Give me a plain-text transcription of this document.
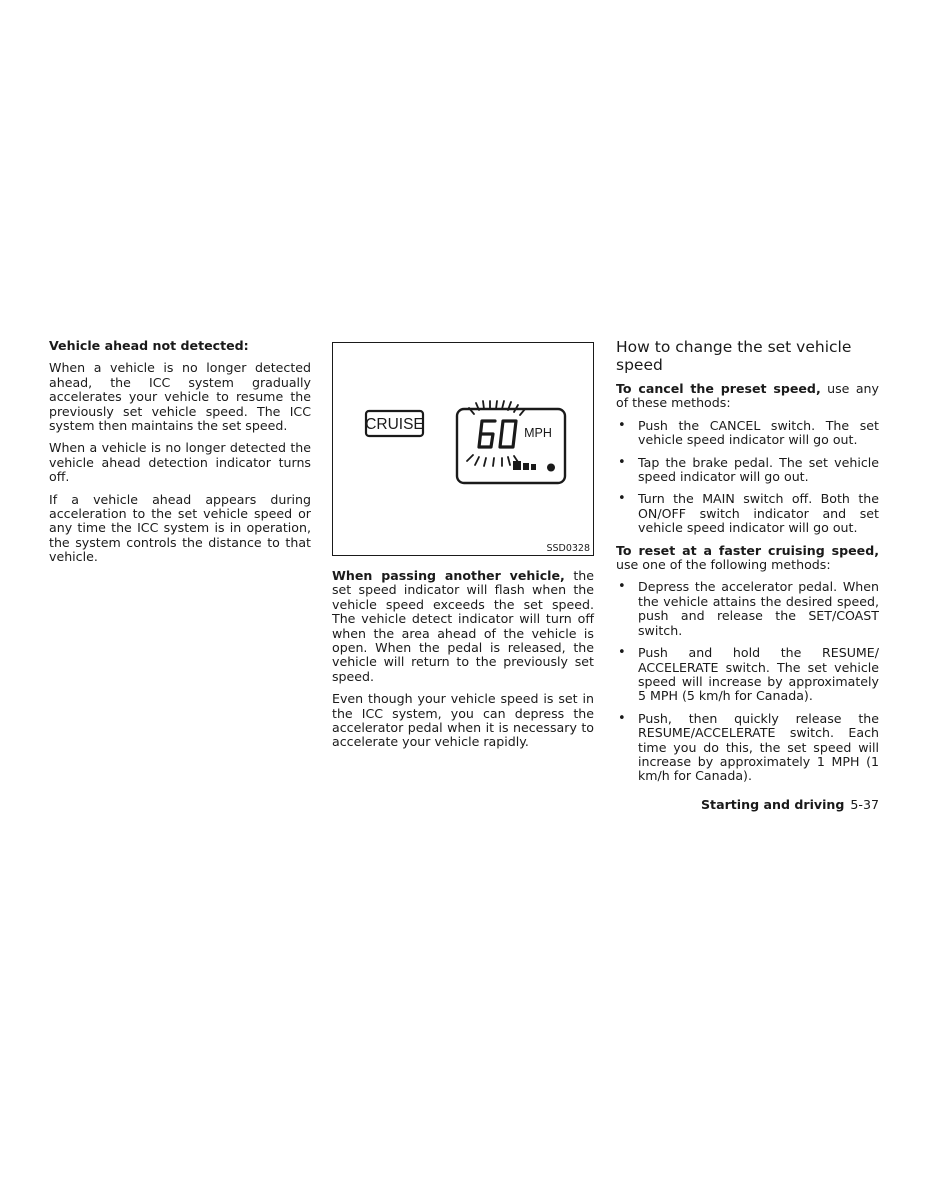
Vehicle ahead not detected:

When a vehicle is no longer detected ahead, the ICC system gradually accelerates your vehicle to resume the previously set vehicle speed. The ICC system then maintains the set speed.

When a vehicle is no longer detected the vehicle ahead detection indicator turns off.

If a vehicle ahead appears during acceleration to the set vehicle speed or any time the ICC system is in operation, the system controls the distance to that vehicle.

CRUISE	MPH
SSD0328

When passing another vehicle, the set speed indicator will flash when the vehicle speed exceeds the set speed. The vehicle detect indicator will turn off when the area ahead of the vehicle is open. When the pedal is released, the vehicle will return to the previously set speed.

Even though your vehicle speed is set in the ICC system, you can depress the accelerator pedal when it is necessary to accelerate your vehicle rapidly.

How to change the set vehicle speed

To cancel the preset speed, use any of these methods:

• Push the CANCEL switch. The set vehicle speed indicator will go out.
• Tap the brake pedal. The set vehicle speed indicator will go out.
• Turn the MAIN switch off. Both the ON/OFF switch indicator and set vehicle speed indicator will go out.

To reset at a faster cruising speed, use one of the following methods:

• Depress the accelerator pedal. When the vehicle attains the desired speed, push and release the SET/COAST switch.
• Push and hold the RESUME/ ACCELERATE switch. The set vehicle speed will increase by approximately 5 MPH (5 km/h for Canada).
• Push, then quickly release the RESUME/ACCELERATE switch. Each time you do this, the set speed will increase by approximately 1 MPH (1 km/h for Canada).
Starting and driving 5-37
